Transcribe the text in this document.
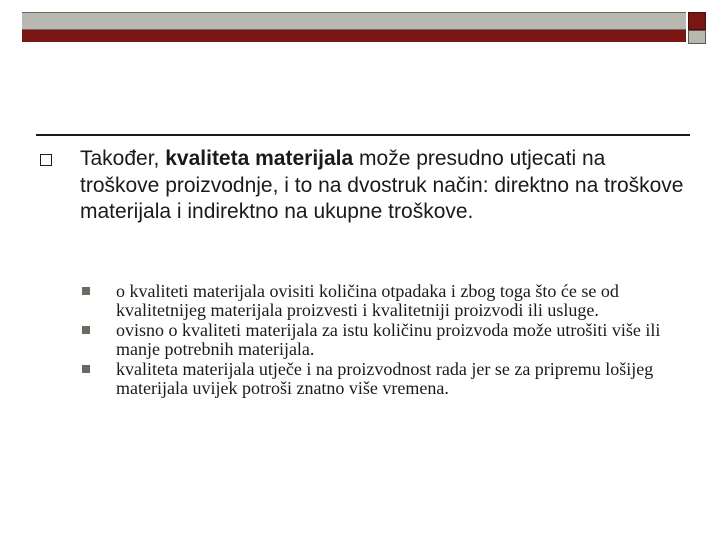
Također, kvaliteta materijala može presudno utjecati na troškove proizvodnje, i to na dvostruk način: direktno na troškove materijala i indirektno na ukupne troškove.
o kvaliteti materijala ovisiti količina otpadaka i zbog toga što će se od kvalitetnijeg materijala proizvesti i kvalitetniji proizvodi ili usluge.
ovisno o kvaliteti materijala za istu količinu proizvoda može utrošiti više ili manje potrebnih materijala.
kvaliteta materijala utječe i na proizvodnost rada jer se za pripremu lošijeg materijala uvijek potroši znatno više vremena.
